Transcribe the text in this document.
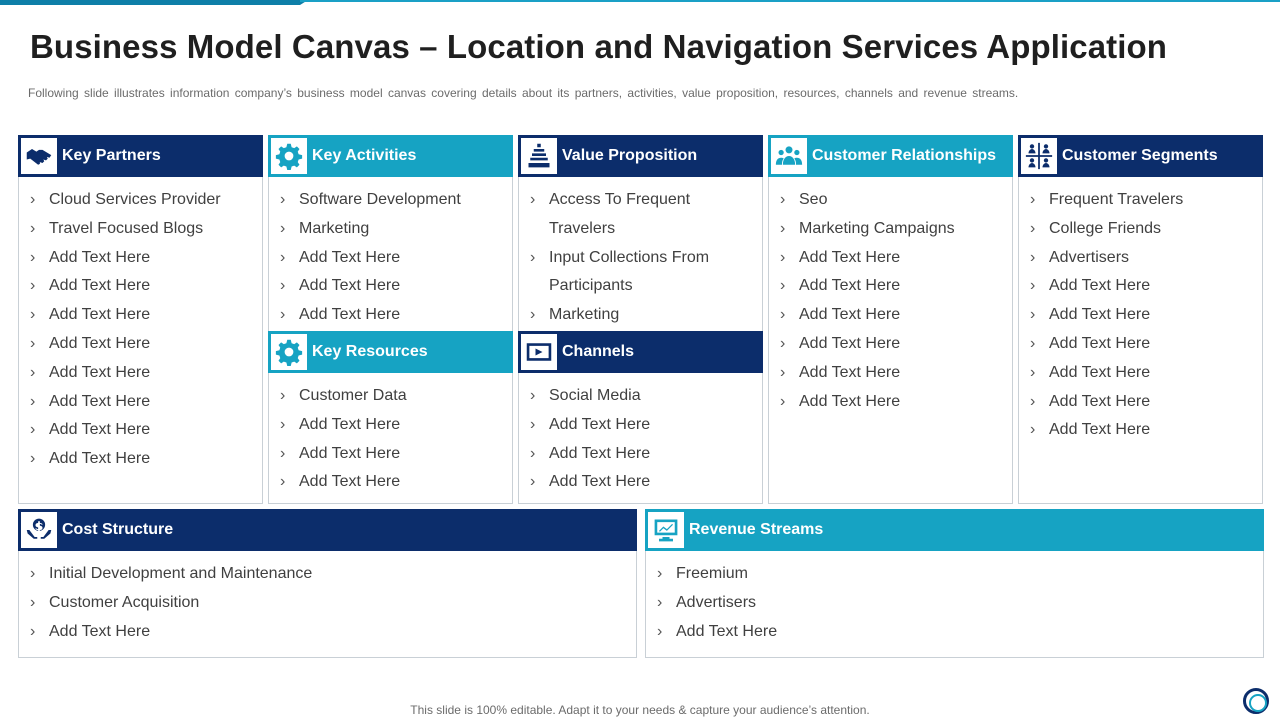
Business Model Canvas – Location and Navigation Services Application
Following slide illustrates information company’s business model canvas covering details about its partners, activities, value proposition, resources, channels and revenue streams.
Key Partners
› Cloud Services Provider
› Travel Focused Blogs
› Add Text Here
› Add Text Here
› Add Text Here
› Add Text Here
› Add Text Here
› Add Text Here
› Add Text Here
› Add Text Here
Key Activities
› Software Development
› Marketing
› Add Text Here
› Add Text Here
› Add Text Here
Key Resources
› Customer Data
› Add Text Here
› Add Text Here
› Add Text Here
Value Proposition
› Access To Frequent
Travelers
› Input Collections From
Participants
› Marketing
Channels
› Social Media
› Add Text Here
› Add Text Here
› Add Text Here
Customer Relationships
› Seo
› Marketing Campaigns
› Add Text Here
› Add Text Here
› Add Text Here
› Add Text Here
› Add Text Here
› Add Text Here
Customer Segments
› Frequent Travelers
› College Friends
› Advertisers
› Add Text Here
› Add Text Here
› Add Text Here
› Add Text Here
› Add Text Here
› Add Text Here
Cost Structure
› Initial Development and Maintenance
› Customer Acquisition
› Add Text Here
Revenue Streams
› Freemium
› Advertisers
› Add Text Here
This slide is 100% editable. Adapt it to your needs & capture your audience’s attention.
